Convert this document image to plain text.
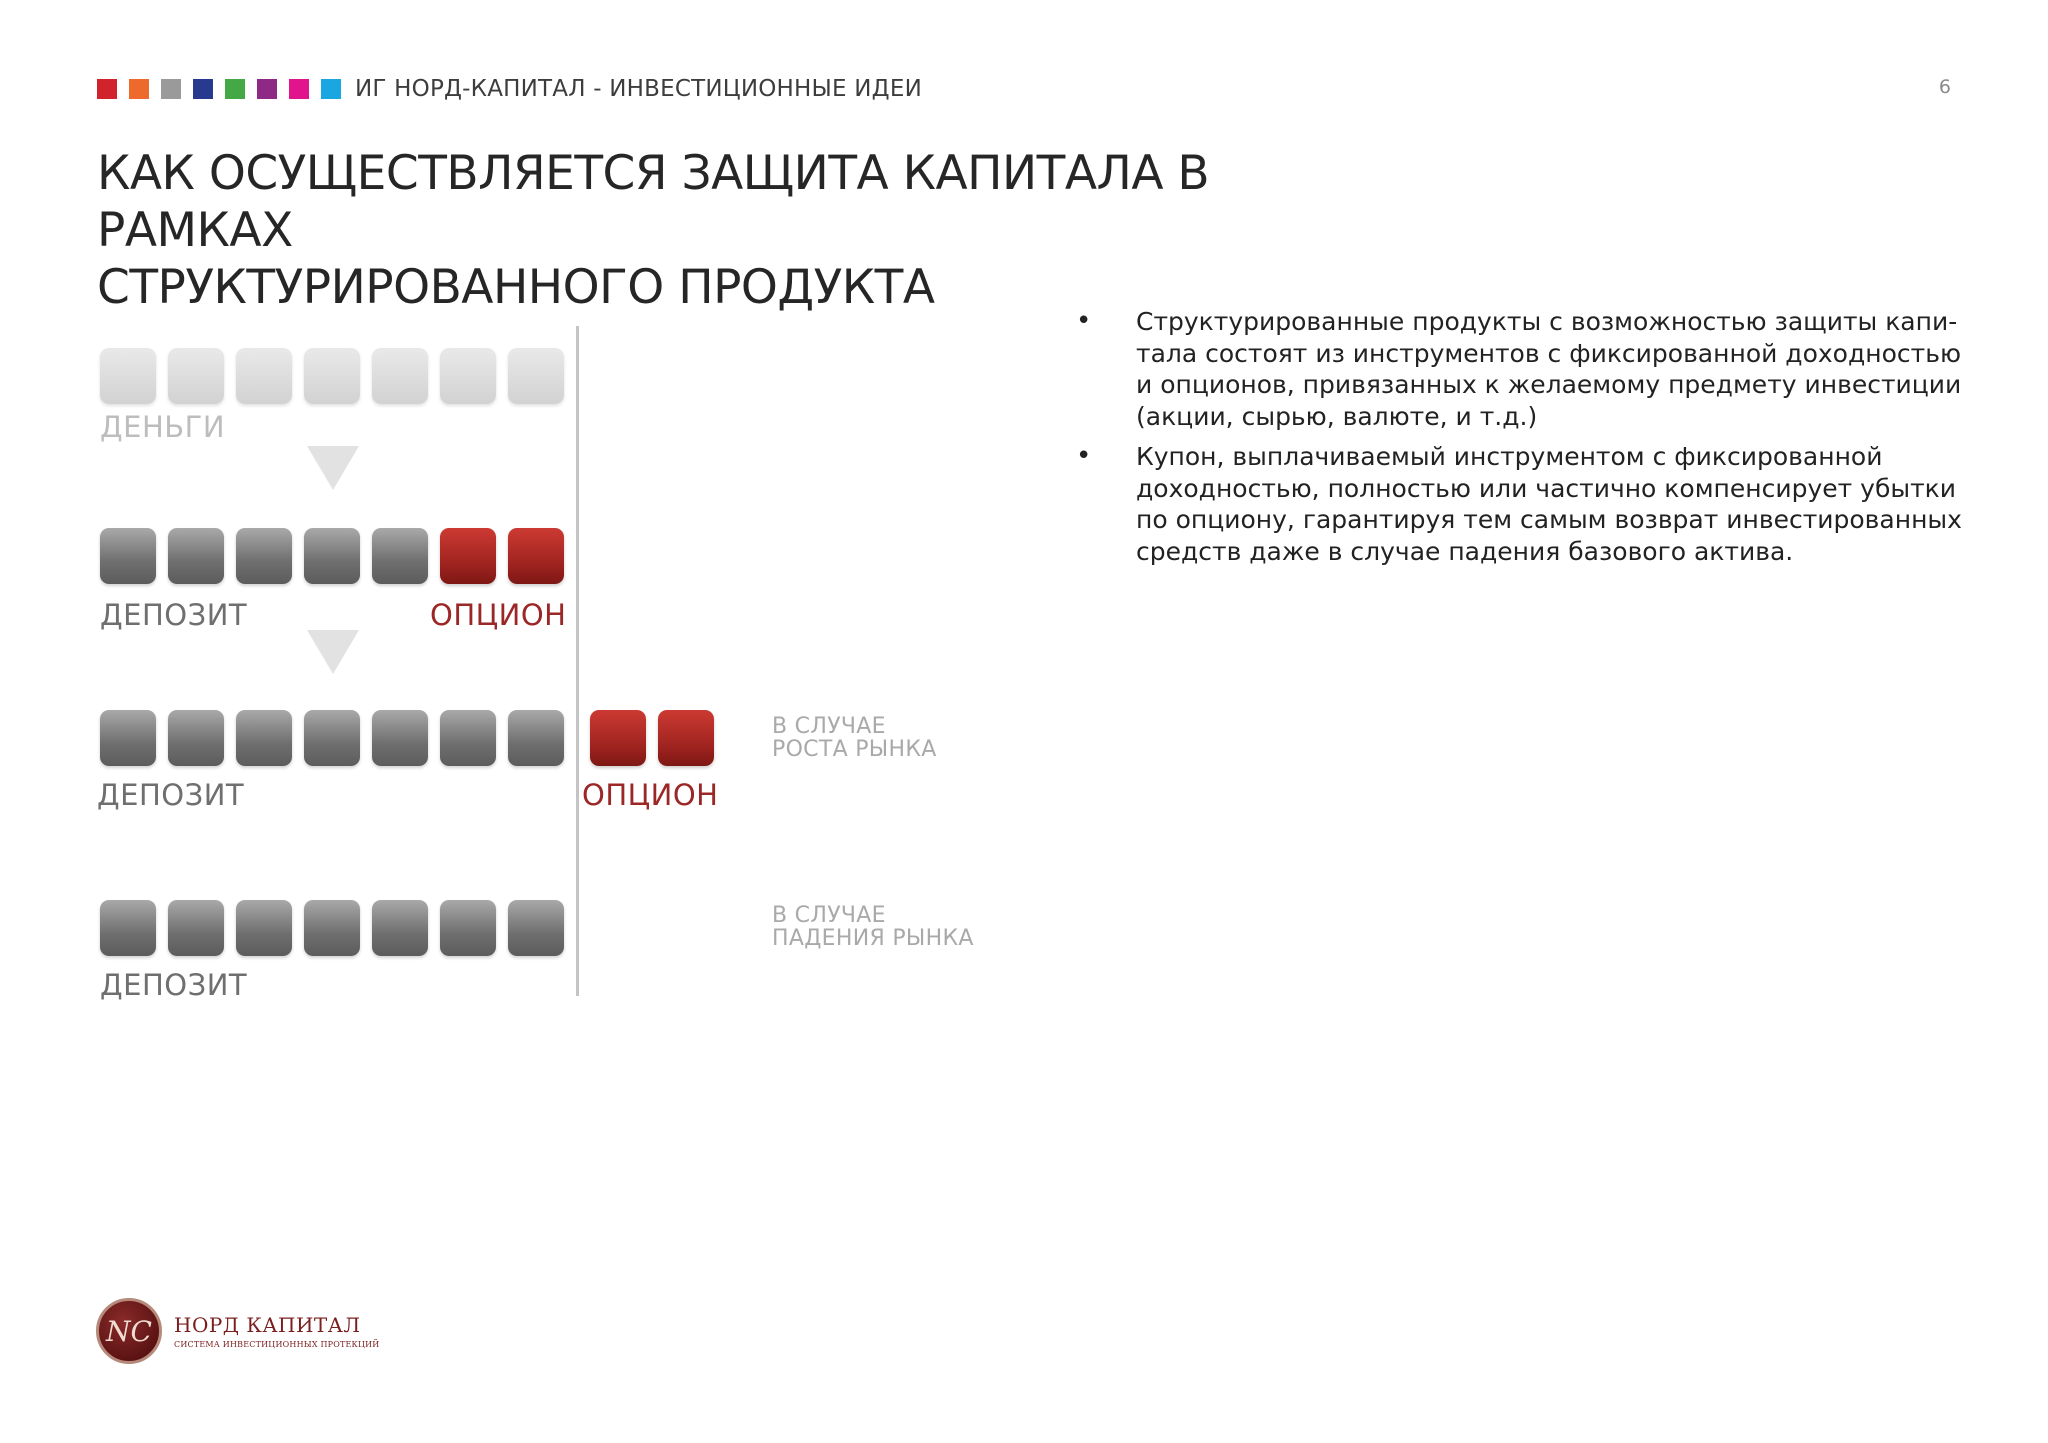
ИГ НОРД-КАПИТАЛ - ИНВЕСТИЦИОННЫЕ ИДЕИ	6
КАК ОСУЩЕСТВЛЯЕТСЯ ЗАЩИТА КАПИТАЛА В РАМКАХ
СТРУКТУРИРОВАННОГО ПРОДУКТА
ДЕНЬГИ
ДЕПОЗИТ	ОПЦИОН
ДЕПОЗИТ	ОПЦИОН
В СЛУЧАЕ
РОСТА РЫНКА
ДЕПОЗИТ
В СЛУЧАЕ
ПАДЕНИЯ РЫНКА
• Структурированные продукты с возможностью защиты капитала состоят из инструментов с фиксированной доходностью и опционов, привязанных к желаемому предмету инвестиции (акции, сырью, валюте, и т.д.)
• Купон, выплачиваемый инструментом с фиксированной доходностью, полностью или частично компенсирует убытки по опциону, гарантируя тем самым возврат инвестированных средств даже в случае падения базового актива.
NC	НОРД КАПИТАЛ
СИСТЕМА ИНВЕСТИЦИОННЫХ ПРОТЕКЦИЙ
